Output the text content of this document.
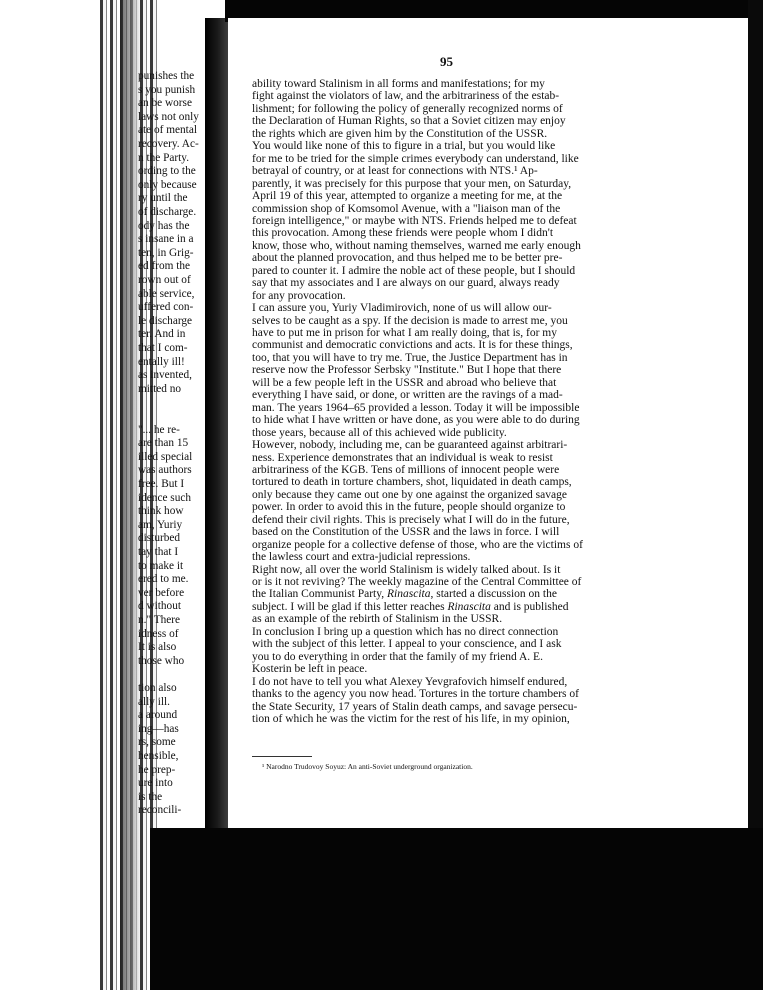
punishes the
s you punish
an be worse
laws not only
ate of mental
recovery. Ac-
n the Party.
ording to the
only because
ry until the
of discharge.
ody has the
s insane in a
ten, in Grig-
ed from the
rown out of
able service,
uffered con-
le discharge
ter. And in
that I com-
entally ill!
as invented,
mitted no
"... he re-
are than 15
illed special
was authors
free. But I
idence such
think how
am, Yuriy
disturbed
tay that I
to make it
ered to me.
ver before
d without
n." There
idness of
It is also
those who
tion also
ally ill.
a around
ing—has
rs, some
hensible,
he prep-
ure into
is the
reconcili-
95
ability toward Stalinism in all forms and manifestations; for my
fight against the violators of law, and the arbitrariness of the estab-
lishment; for following the policy of generally recognized norms of
the Declaration of Human Rights, so that a Soviet citizen may enjoy
the rights which are given him by the Constitution of the USSR.
You would like none of this to figure in a trial, but you would like
for me to be tried for the simple crimes everybody can understand, like
betrayal of country, or at least for connections with NTS.¹ Ap-
parently, it was precisely for this purpose that your men, on Saturday,
April 19 of this year, attempted to organize a meeting for me, at the
commission shop of Komsomol Avenue, with a "liaison man of the
foreign intelligence," or maybe with NTS. Friends helped me to defeat
this provocation. Among these friends were people whom I didn't
know, those who, without naming themselves, warned me early enough
about the planned provocation, and thus helped me to be better pre-
pared to counter it. I admire the noble act of these people, but I should
say that my associates and I are always on our guard, always ready
for any provocation.
I can assure you, Yuriy Vladimirovich, none of us will allow our-
selves to be caught as a spy. If the decision is made to arrest me, you
have to put me in prison for what I am really doing, that is, for my
communist and democratic convictions and acts. It is for these things,
too, that you will have to try me. True, the Justice Department has in
reserve now the Professor Serbsky "Institute." But I hope that there
will be a few people left in the USSR and abroad who believe that
everything I have said, or done, or written are the ravings of a mad-
man. The years 1964–65 provided a lesson. Today it will be impossible
to hide what I have written or have done, as you were able to do during
those years, because all of this achieved wide publicity.
However, nobody, including me, can be guaranteed against arbitrari-
ness. Experience demonstrates that an individual is weak to resist
arbitrariness of the KGB. Tens of millions of innocent people were
tortured to death in torture chambers, shot, liquidated in death camps,
only because they came out one by one against the organized savage
power. In order to avoid this in the future, people should organize to
defend their civil rights. This is precisely what I will do in the future,
based on the Constitution of the USSR and the laws in force. I will
organize people for a collective defense of those, who are the victims of
the lawless court and extra-judicial repressions.
Right now, all over the world Stalinism is widely talked about. Is it
or is it not reviving? The weekly magazine of the Central Committee of
the Italian Communist Party, Rinascita, started a discussion on the
subject. I will be glad if this letter reaches Rinascita and is published
as an example of the rebirth of Stalinism in the USSR.
In conclusion I bring up a question which has no direct connection
with the subject of this letter. I appeal to your conscience, and I ask
you to do everything in order that the family of my friend A. E.
Kosterin be left in peace.
I do not have to tell you what Alexey Yevgrafovich himself endured,
thanks to the agency you now head. Tortures in the torture chambers of
the State Security, 17 years of Stalin death camps, and savage persecu-
tion of which he was the victim for the rest of his life, in my opinion,
¹ Narodno Trudovoy Soyuz: An anti-Soviet underground organization.
